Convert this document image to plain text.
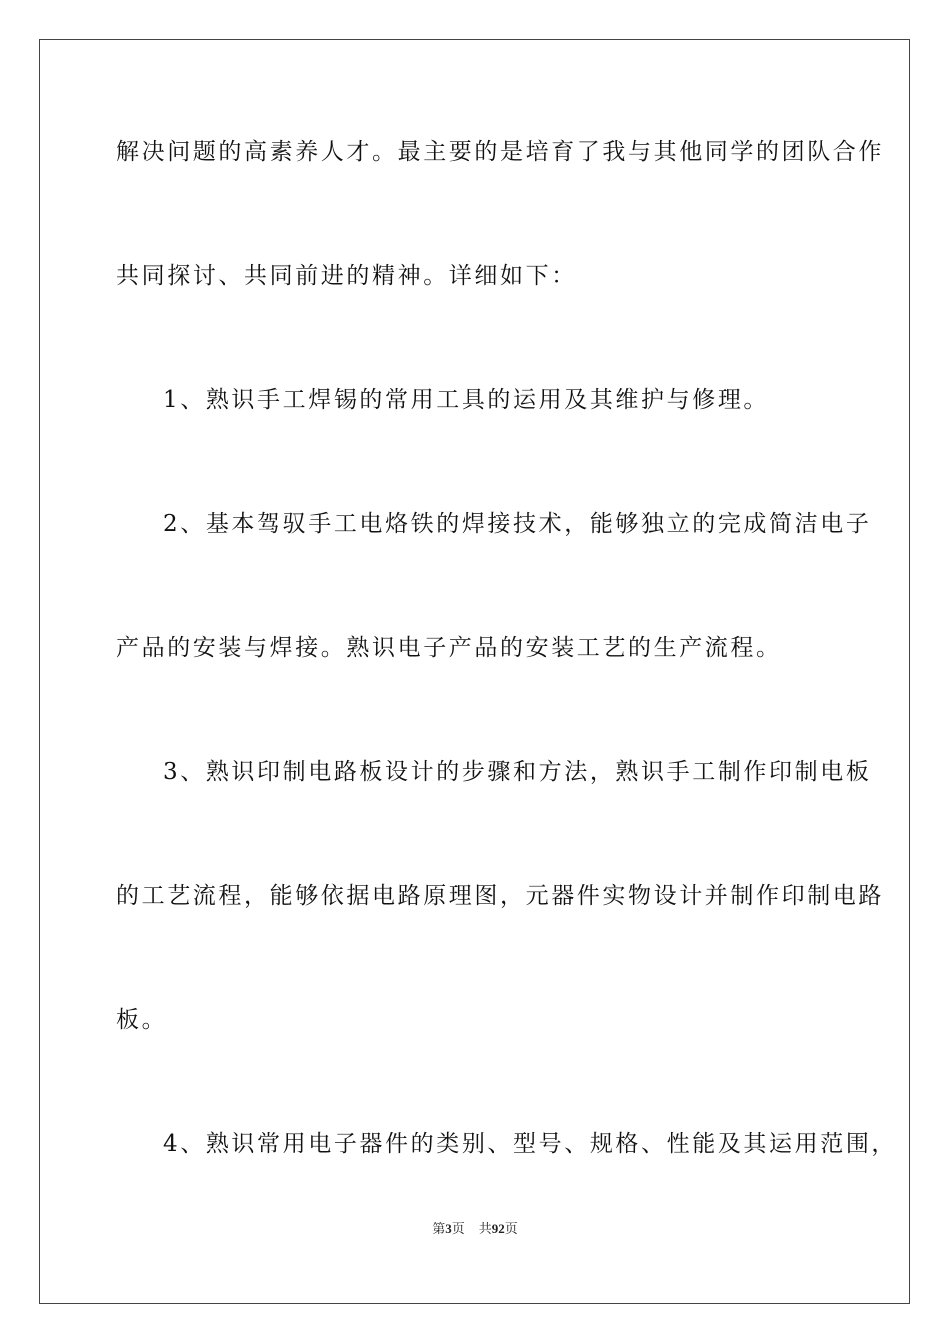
解决问题的高素养人才。最主要的是培育了我与其他同学的团队合作
共同探讨、共同前进的精神。详细如下：
1、熟识手工焊锡的常用工具的运用及其维护与修理。
2、基本驾驭手工电烙铁的焊接技术，能够独立的完成简洁电子
产品的安装与焊接。熟识电子产品的安装工艺的生产流程。
3、熟识印制电路板设计的步骤和方法，熟识手工制作印制电板
的工艺流程，能够依据电路原理图，元器件实物设计并制作印制电路
板。
4、熟识常用电子器件的类别、型号、规格、性能及其运用范围，
第3页 共92页
